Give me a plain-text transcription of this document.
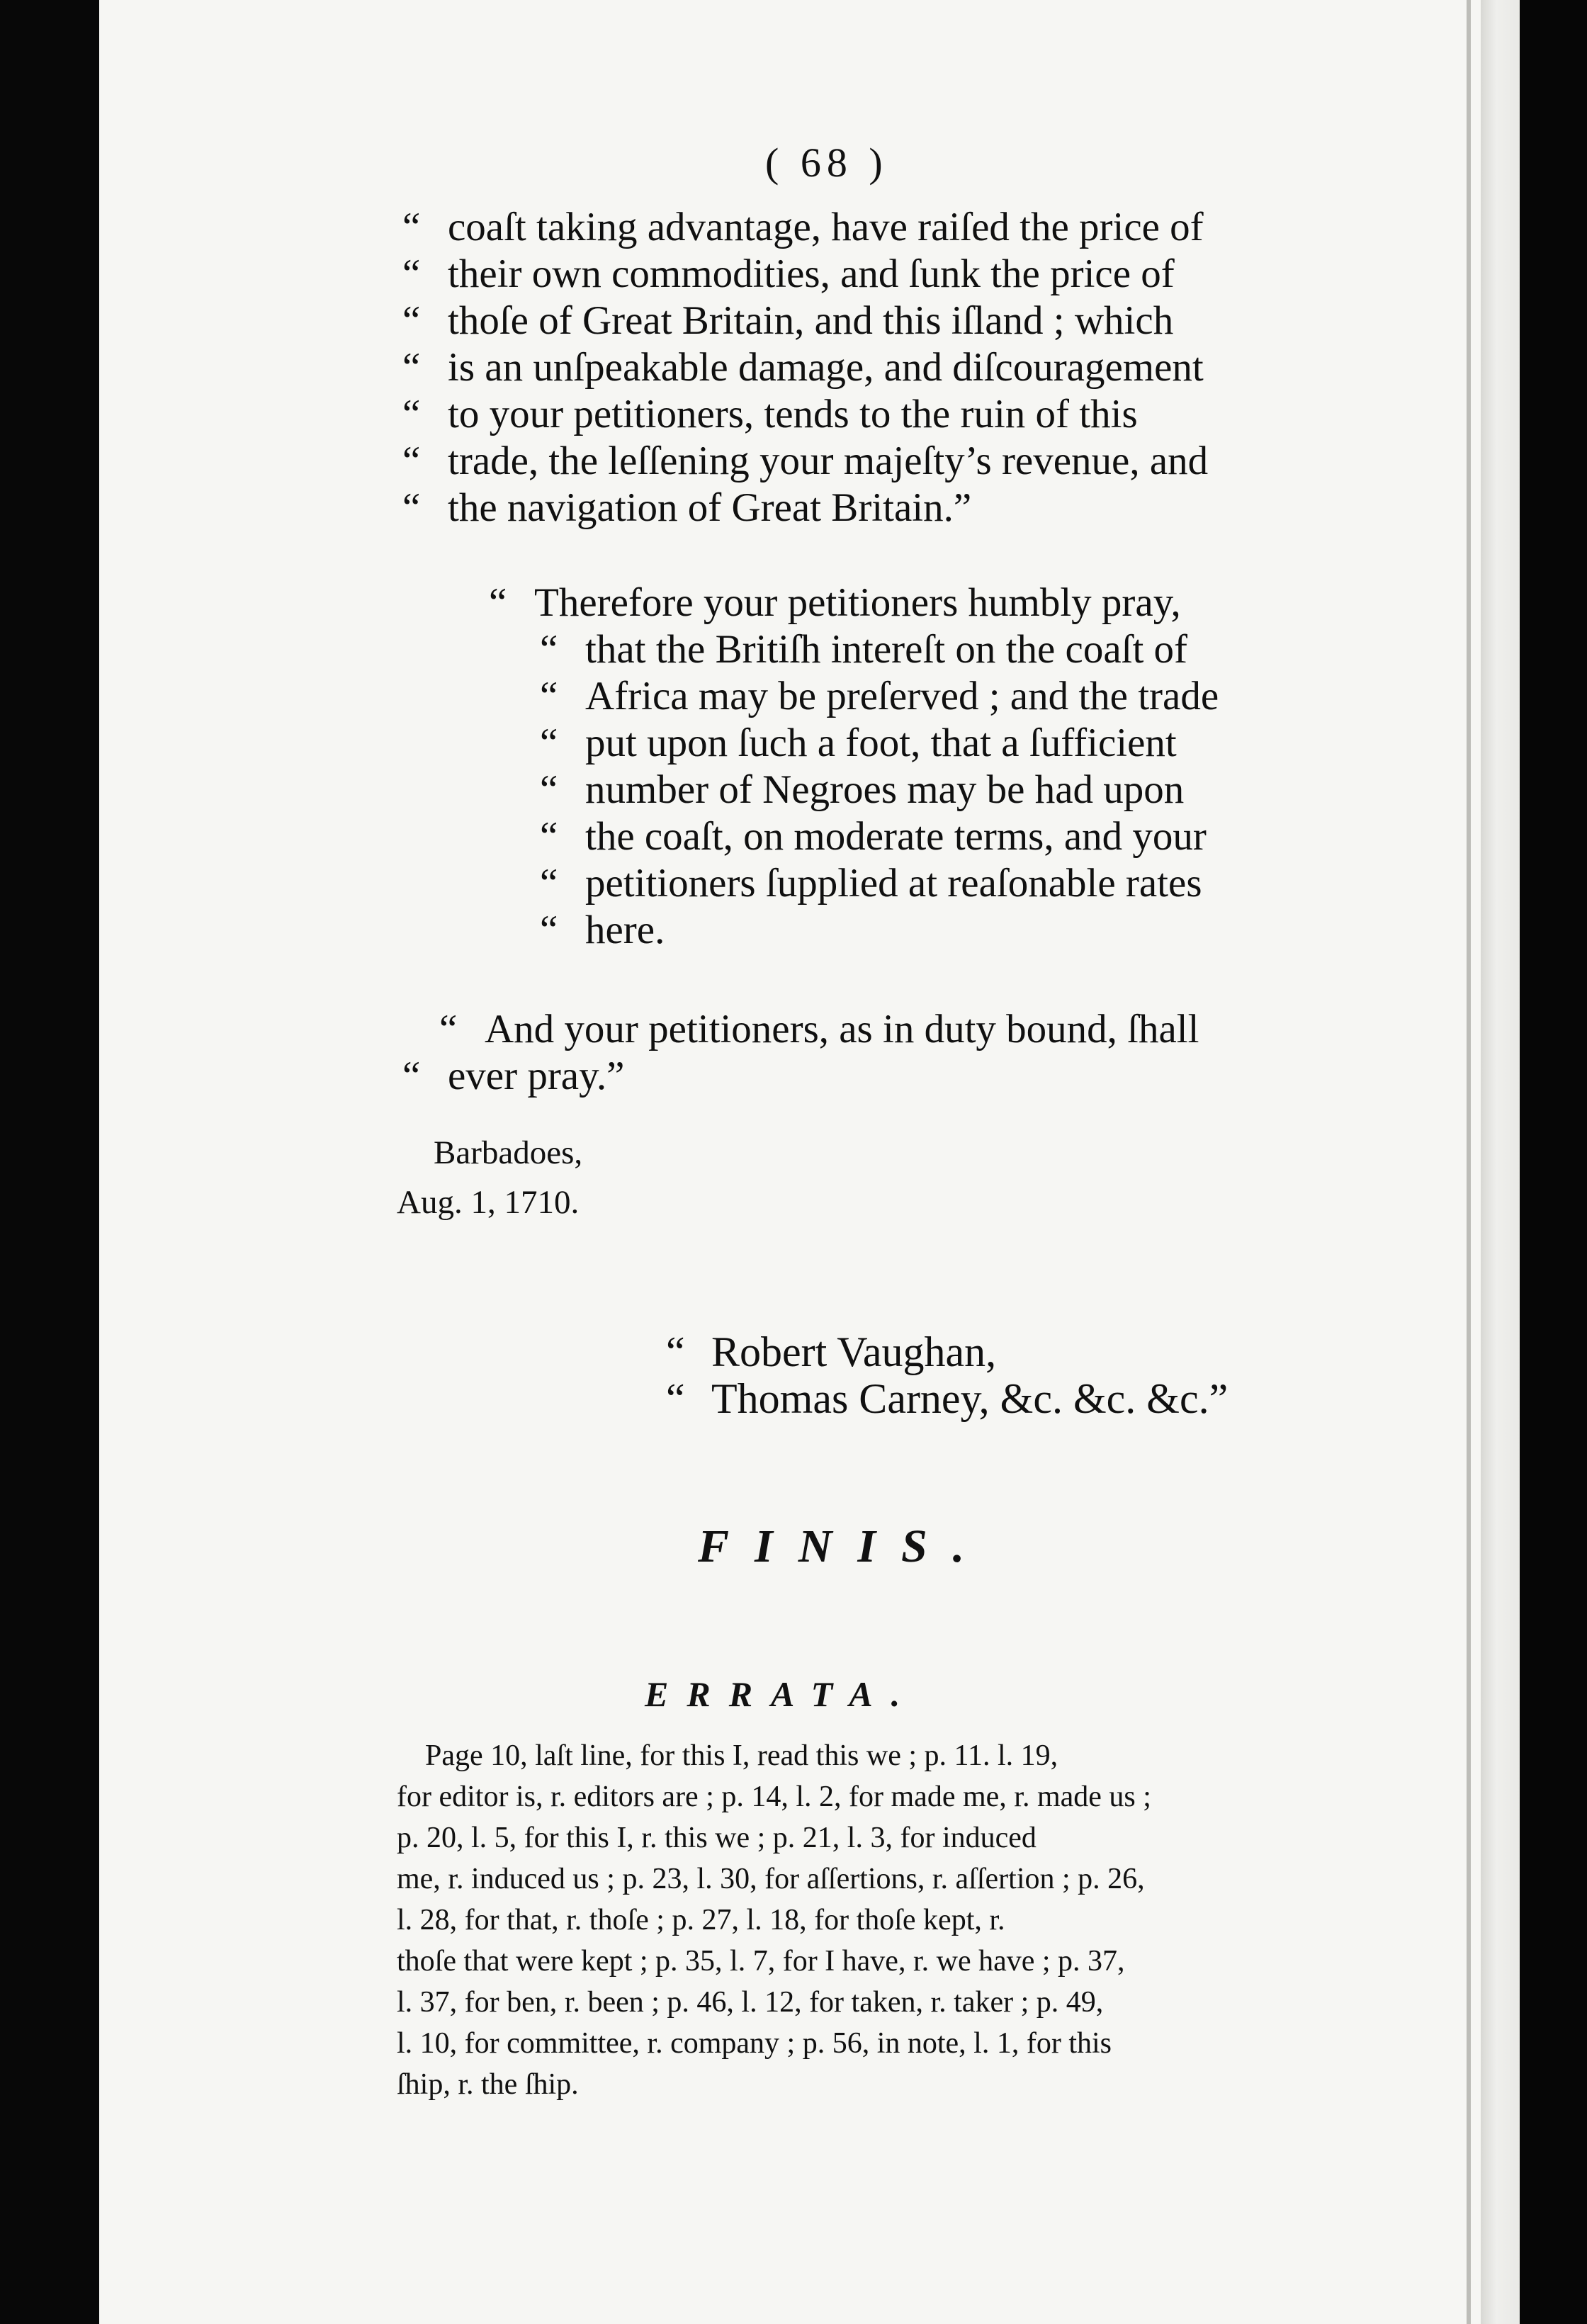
( 68 )
“ coaſt taking advantage, have raiſed the price of
“ their own commodities, and ſunk the price of
“ thoſe of Great Britain, and this iſland ; which
“ is an unſpeakable damage, and diſcouragement
“ to your petitioners, tends to the ruin of this
“ trade, the leſſening your majeſty’s revenue, and
“ the navigation of Great Britain.”
“ Therefore your petitioners humbly pray,
“ that the Britiſh intereſt on the coaſt of
“ Africa may be preſerved ; and the trade
“ put upon ſuch a foot, that a ſufficient
“ number of Negroes may be had upon
“ the coaſt, on moderate terms, and your
“ petitioners ſupplied at reaſonable rates
“ here.
“ And your petitioners, as in duty bound, ſhall
“ ever pray.”
Barbadoes,
Aug. 1, 1710.
“ Robert Vaughan,
“ Thomas Carney, &c. &c. &c.”
FINIS.
ERRATA.
Page 10, laſt line, for this I, read this we ; p. 11. l. 19,
for editor is, r. editors are ; p. 14, l. 2, for made me, r. made us ;
p. 20, l. 5, for this I, r. this we ; p. 21, l. 3, for induced
me, r. induced us ; p. 23, l. 30, for aſſertions, r. aſſertion ; p. 26,
l. 28, for that, r. thoſe ; p. 27, l. 18, for thoſe kept, r.
thoſe that were kept ; p. 35, l. 7, for I have, r. we have ; p. 37,
l. 37, for ben, r. been ; p. 46, l. 12, for taken, r. taker ; p. 49,
l. 10, for committee, r. company ; p. 56, in note, l. 1, for this
ſhip, r. the ſhip.
